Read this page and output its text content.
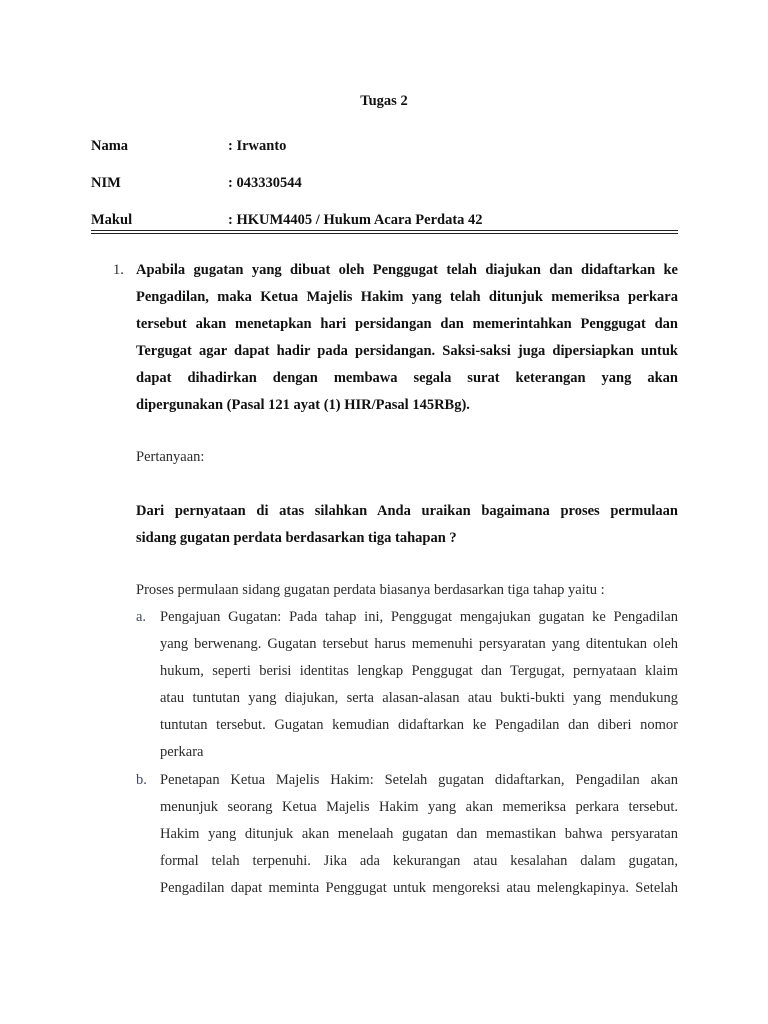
Tugas 2
Nama	: Irwanto
NIM	: 043330544
Makul	: HKUM4405 / Hukum Acara Perdata 42
1. Apabila gugatan yang dibuat oleh Penggugat telah diajukan dan didaftarkan ke
Pengadilan, maka Ketua Majelis Hakim yang telah ditunjuk memeriksa perkara
tersebut akan menetapkan hari persidangan dan memerintahkan Penggugat dan
Tergugat agar dapat hadir pada persidangan. Saksi-saksi juga dipersiapkan untuk
dapat dihadirkan dengan membawa segala surat keterangan yang akan
dipergunakan (Pasal 121 ayat (1) HIR/Pasal 145RBg).
Pertanyaan:
Dari pernyataan di atas silahkan Anda uraikan bagaimana proses permulaan
sidang gugatan perdata berdasarkan tiga tahapan ?
Proses permulaan sidang gugatan perdata biasanya berdasarkan tiga tahap yaitu :
a. Pengajuan Gugatan: Pada tahap ini, Penggugat mengajukan gugatan ke Pengadilan
yang berwenang. Gugatan tersebut harus memenuhi persyaratan yang ditentukan oleh
hukum, seperti berisi identitas lengkap Penggugat dan Tergugat, pernyataan klaim
atau tuntutan yang diajukan, serta alasan-alasan atau bukti-bukti yang mendukung
tuntutan tersebut. Gugatan kemudian didaftarkan ke Pengadilan dan diberi nomor
perkara
b. Penetapan Ketua Majelis Hakim: Setelah gugatan didaftarkan, Pengadilan akan
menunjuk seorang Ketua Majelis Hakim yang akan memeriksa perkara tersebut.
Hakim yang ditunjuk akan menelaah gugatan dan memastikan bahwa persyaratan
formal telah terpenuhi. Jika ada kekurangan atau kesalahan dalam gugatan,
Pengadilan dapat meminta Penggugat untuk mengoreksi atau melengkapinya. Setelah
